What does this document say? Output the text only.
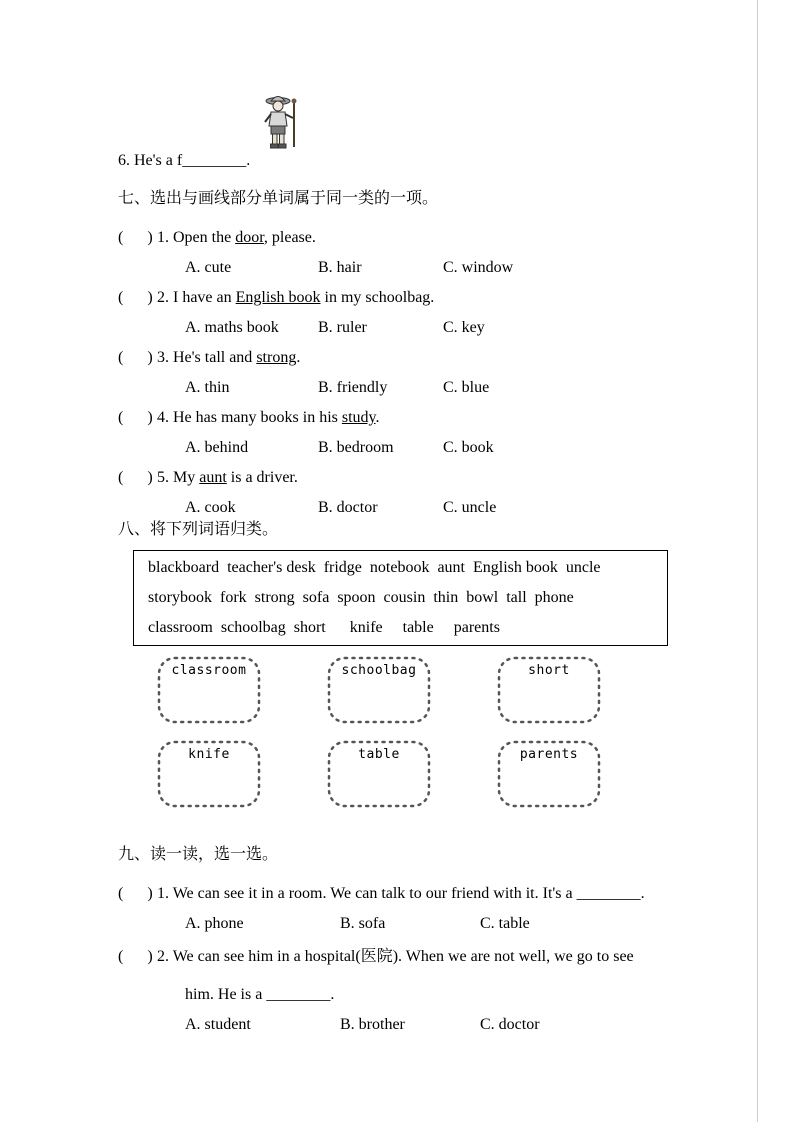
6. He's a f________.
七、选出与画线部分单词属于同一类的一项。
(      ) 1. Open the door, please.
A. cute	B. hair	C. window
(      ) 2. I have an English book in my schoolbag.
A. maths book B. ruler	C. key
(      ) 3. He's tall and strong.
A. thin	B. friendly	C. blue
(      ) 4. He has many books in his study.
A. behind	B. bedroom	C. book
(      ) 5. My aunt is a driver.
A. cook	B. doctor	C. uncle
八、将下列词语归类。
blackboard  teacher's desk  fridge  notebook  aunt  English book  uncle
storybook  fork  strong  sofa  spoon  cousin  thin  bowl  tall  phone
classroom  schoolbag  short      knife     table     parents
classroom	schoolbag	short
knife	table	parents
九、读一读，选一选。
(      ) 1. We can see it in a room. We can talk to our friend with it. It's a ________.
A. phone	B. sofa	C. table
(      ) 2. We can see him in a hospital(医院). When we are not well, we go to see
him. He is a ________.
A. student	B. brother	C. doctor
